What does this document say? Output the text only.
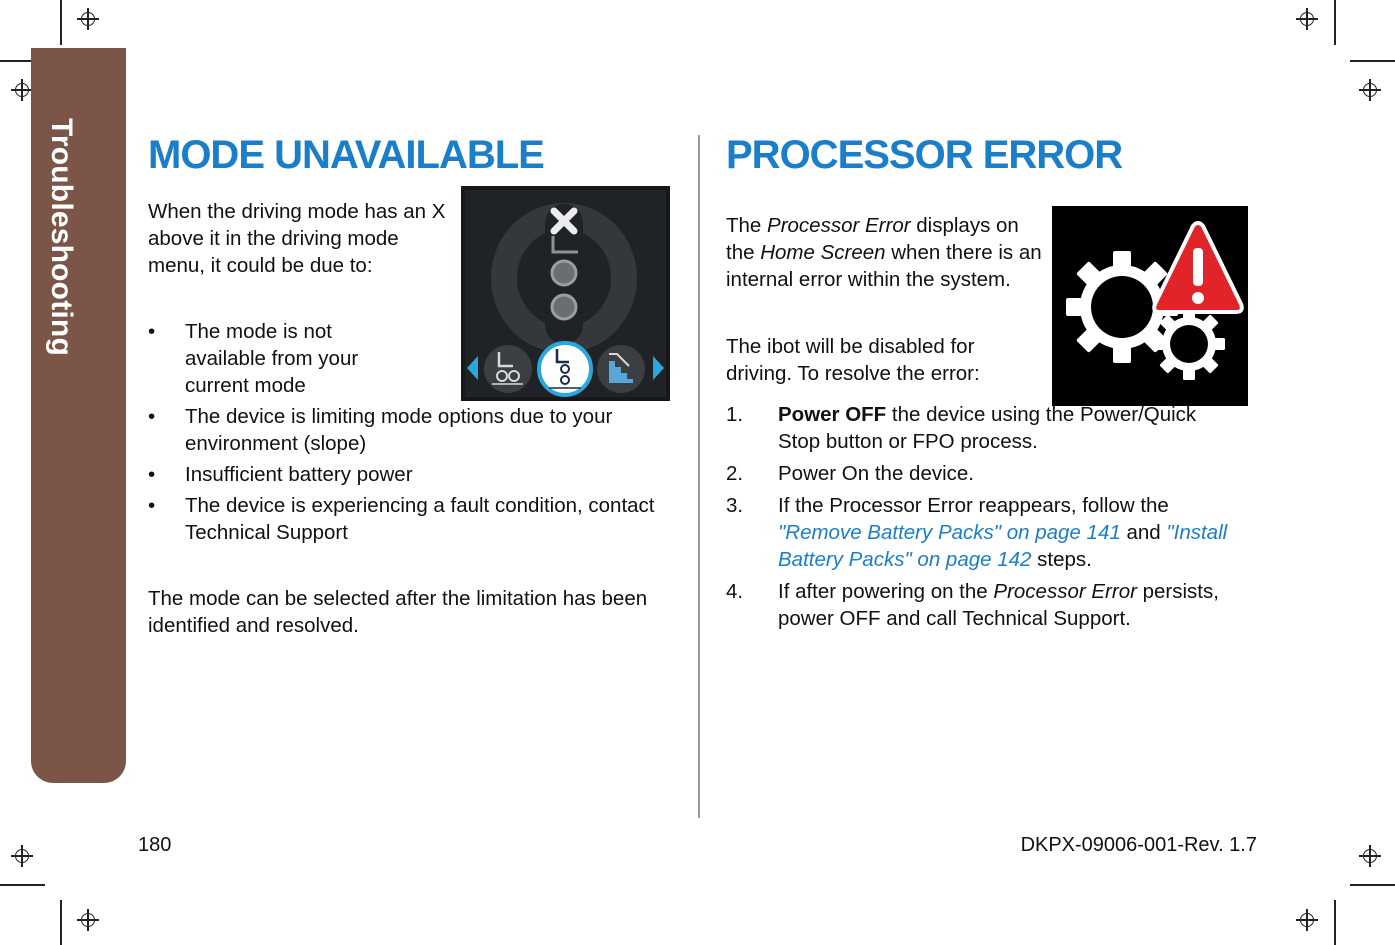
Troubleshooting MODE UNAVAILABLE

When the driving mode has an X above it in the driving mode menu, it could be due to:

• The mode is not available from your current mode
• The device is limiting mode options due to your environment (slope)
• Insufficient battery power
• The device is experiencing a fault condition, contact Technical Support

The mode can be selected after the limitation has been identified and resolved.

PROCESSOR ERROR

The Processor Error displays on the Home Screen when there is an internal error within the system.

The ibot will be disabled for driving. To resolve the error:

1. Power OFF the device using the Power/Quick Stop button or FPO process.
2. Power On the device.
3. If the Processor Error reappears, follow the "Remove Battery Packs" on page 141 and "Install Battery Packs" on page 142 steps.
4. If after powering on the Processor Error persists, power OFF and call Technical Support.
180	DKPX-09006-001-Rev. 1.7
